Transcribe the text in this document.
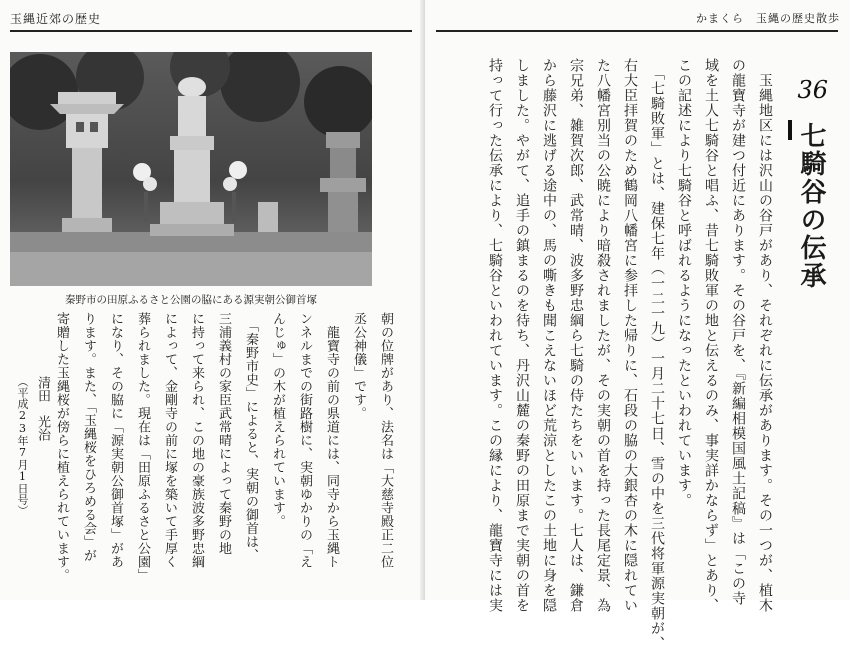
玉縄近郊の歴史
秦野市の田原ふるさと公園の脇にある源実朝公御首塚
朝の位牌があり、法名は「大慈寺殿正二位
丞公神儀」です。
　龍寶寺の前の県道には、同寺から玉縄ト
ンネルまでの街路樹に、実朝ゆかりの「え
んじゅ」の木が植えられています。
　「秦野市史」によると、実朝の御首は、
三浦義村の家臣武常晴によって秦野の地
に持って来られ、この地の豪族波多野忠綱
によって、金剛寺の前に塚を築いて手厚く
葬られました。現在は「田原ふるさと公園」
になり、その脇に「源実朝公御首塚」があ
ります。また、「玉縄桜をひろめる会」が
寄贈した玉縄桜が傍らに植えられています。
清田　光治
（平成23年7月1日号）
かまくら　玉縄の歴史散歩
36
七騎谷の伝承
　玉縄地区には沢山の谷戸があり、それぞれに伝承があります。その一つが、植木
の龍寶寺が建つ付近にあります。その谷戸を、『新編相模国風土記稿』は「この寺
域を土人七騎谷と唱ふ、昔七騎敗軍の地と伝えるのみ、事実詳かならず」とあり、
この記述により七騎谷と呼ばれるようになったといわれています。
　「七騎敗軍」とは、建保七年（一二一九）一月二十七日、雪の中を三代将軍源実朝が、
右大臣拝賀のため鶴岡八幡宮に参拝した帰りに、石段の脇の大銀杏の木に隠れてい
た八幡宮別当の公暁により暗殺されましたが、その実朝の首を持った長尾定景、為
宗兄弟、雑賀次郎、武常晴、波多野忠綱ら七騎の侍たちをいいます。七人は、鎌倉
から藤沢に逃げる途中の、馬の嘶きも聞こえないほど荒涼としたこの土地に身を隠
しました。やがて、追手の鎮まるのを待ち、丹沢山麓の秦野の田原まで実朝の首を
持って行った伝承により、七騎谷といわれています。この縁により、龍寶寺には実
